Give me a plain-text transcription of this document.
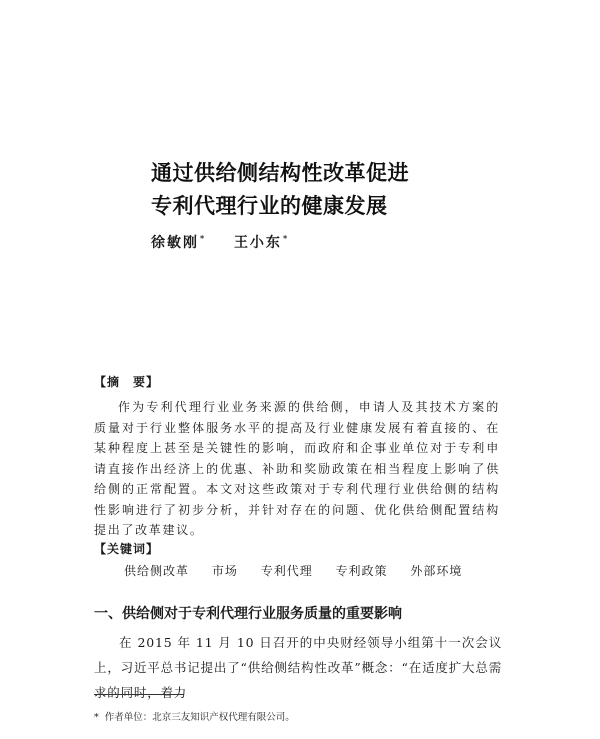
通过供给侧结构性改革促进
专利代理行业的健康发展
徐敏刚* 王小东*
【摘　要】

作为专利代理行业业务来源的供给侧，申请人及其技术方案的质量对于行业整体服务水平的提高及行业健康发展有着直接的、在某种程度上甚至是关键性的影响，而政府和企事业单位对于专利申请直接作出经济上的优惠、补助和奖励政策在相当程度上影响了供给侧的正常配置。本文对这些政策对于专利代理行业供给侧的结构性影响进行了初步分析，并针对存在的问题、优化供给侧配置结构提出了改革建议。

【关键词】
供给侧改革 市场 专利代理 专利政策 外部环境
一、供给侧对于专利代理行业服务质量的重要影响

在 2015 年 11 月 10 日召开的中央财经领导小组第十一次会议上，习近平总书记提出了“供给侧结构性改革”概念：“在适度扩大总需求的同时，着力

* 作者单位：北京三友知识产权代理有限公司。
